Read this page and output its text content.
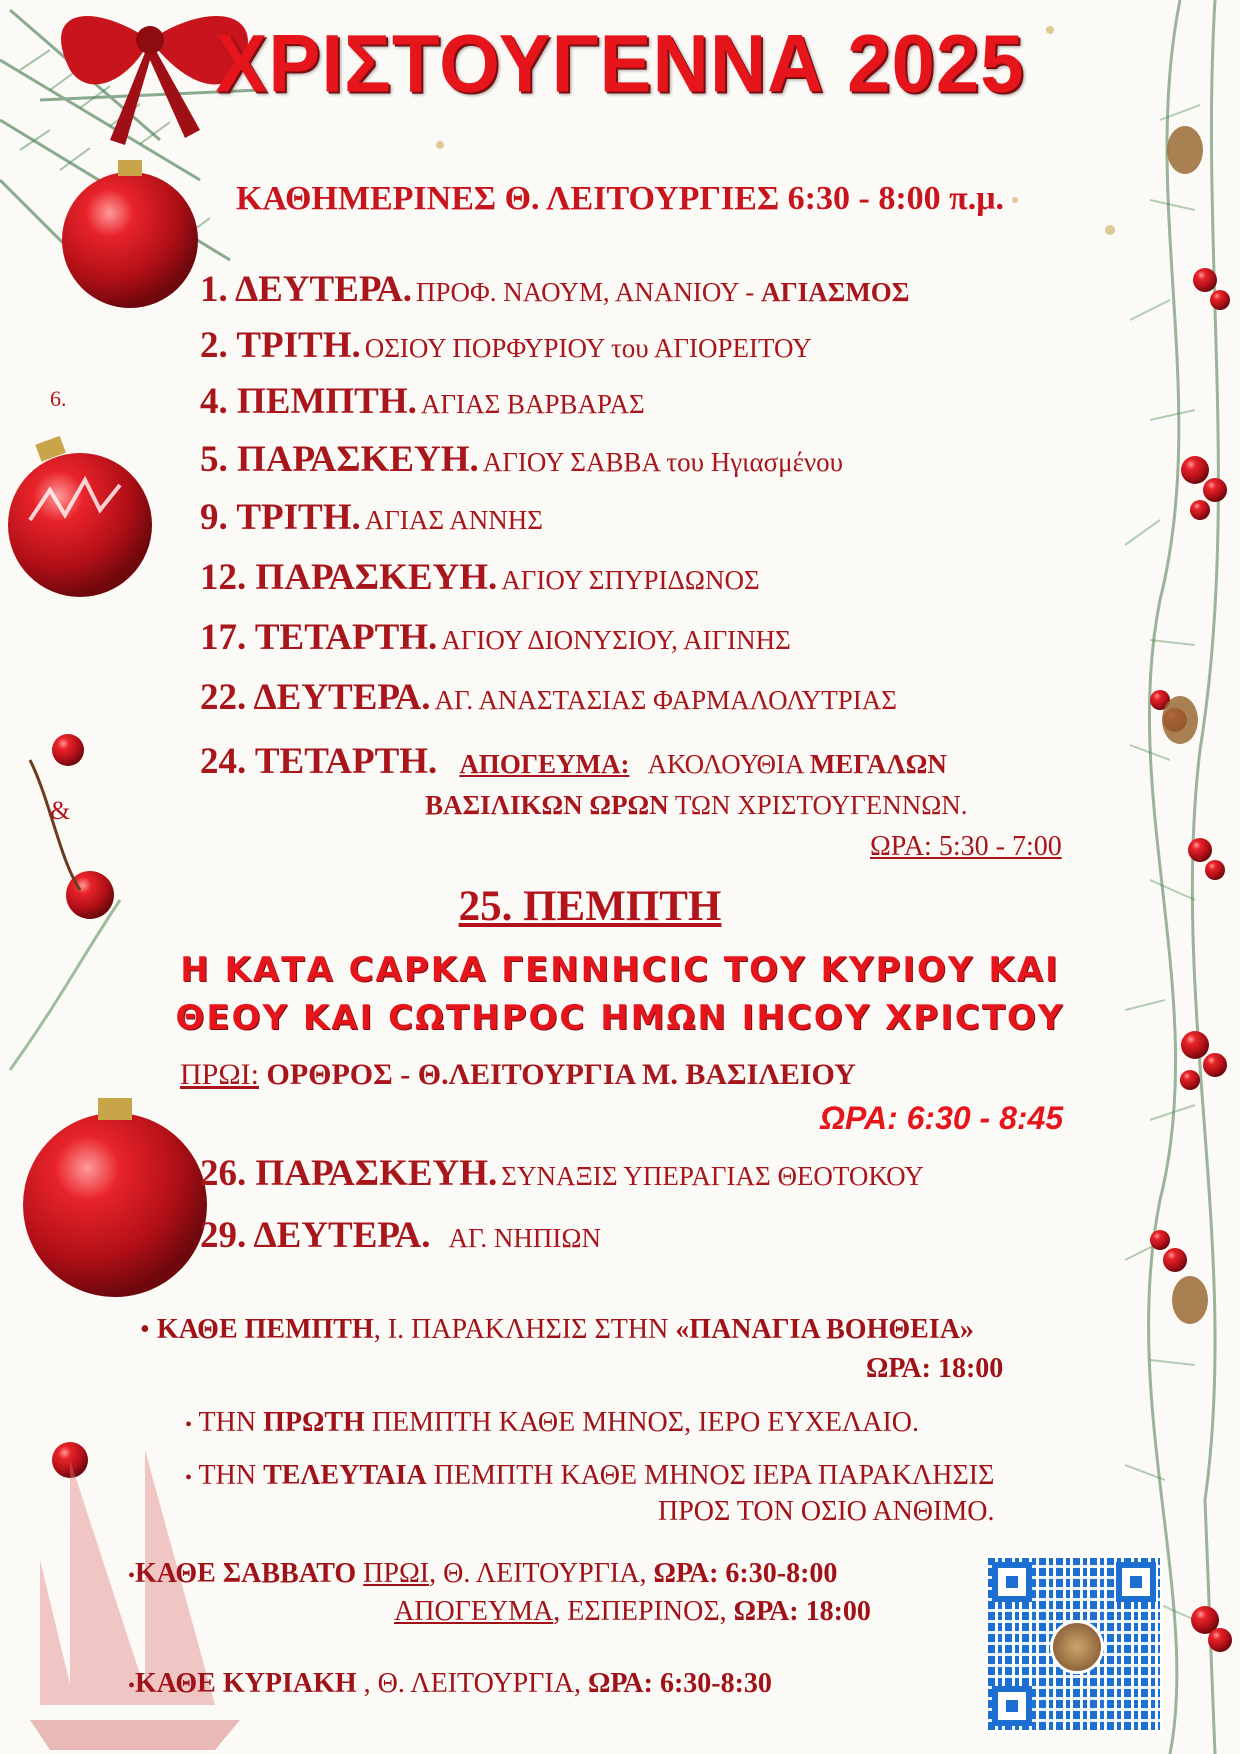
ΧΡΙΣΤΟΥΓΕΝΝΑ 2025
ΚΑΘΗΜΕΡΙΝΕΣ Θ. ΛΕΙΤΟΥΡΓΙΕΣ 6:30 - 8:00 π.μ.
6.
&
1. ΔΕΥΤΕΡΑ. ΠΡΟΦ. ΝΑΟΥΜ, ΑΝΑΝΙΟΥ - ΑΓΙΑΣΜΟΣ
2. ΤΡΙΤΗ. ΟΣΙΟΥ ΠΟΡΦΥΡΙΟΥ του ΑΓΙΟΡΕΙΤΟΥ
4. ΠΕΜΠΤΗ. ΑΓΙΑΣ ΒΑΡΒΑΡΑΣ
5. ΠΑΡΑΣΚΕΥΗ. ΑΓΙΟΥ ΣΑΒΒΑ του Ηγιασμένου
9. ΤΡΙΤΗ. ΑΓΙΑΣ ΑΝΝΗΣ
12. ΠΑΡΑΣΚΕΥΗ. ΑΓΙΟΥ ΣΠΥΡΙΔΩΝΟΣ
17. ΤΕΤΑΡΤΗ. ΑΓΙΟΥ ΔΙΟΝΥΣΙΟΥ, ΑΙΓΙΝΗΣ
22. ΔΕΥΤΕΡΑ. ΑΓ. ΑΝΑΣΤΑΣΙΑΣ ΦΑΡΜΑΛΟΛΥΤΡΙΑΣ
24. ΤΕΤΑΡΤΗ. ΑΠΟΓΕΥΜΑ: ΑΚΟΛΟΥΘΙΑ ΜΕΓΑΛΩΝ
ΒΑΣΙΛΙΚΩΝ ΩΡΩΝ ΤΩΝ ΧΡΙΣΤΟΥΓΕΝΝΩΝ.
ΩΡΑ: 5:30 - 7:00
25. ΠΕΜΠΤΗ
Η ΚΑΤΑ CΑΡΚΑ ΓΕΝΝΗCΙC ΤΟΥ ΚΥΡΙΟΥ ΚΑΙ
ΘΕΟΥ ΚΑΙ CΩΤΗΡΟC ΗΜΩΝ ΙΗCΟΥ ΧΡΙCΤΟΥ
ΠΡΩΙ: ΟΡΘΡΟΣ - Θ.ΛΕΙΤΟΥΡΓΙΑ Μ. ΒΑΣΙΛΕΙΟΥ
ΩΡΑ: 6:30 - 8:45
26. ΠΑΡΑΣΚΕΥΗ. ΣΥΝΑΞΙΣ ΥΠΕΡΑΓΙΑΣ ΘΕΟΤΟΚΟΥ
29. ΔΕΥΤΕΡΑ. ΑΓ. ΝΗΠΙΩΝ
• ΚΑΘΕ ΠΕΜΠΤΗ, Ι. ΠΑΡΑΚΛΗΣΙΣ ΣΤΗΝ «ΠΑΝΑΓΙΑ ΒΟΗΘΕΙΑ»
ΩΡΑ: 18:00
• ΤΗΝ ΠΡΩΤΗ ΠΕΜΠΤΗ ΚΑΘΕ ΜΗΝΟΣ, ΙΕΡΟ ΕΥΧΕΛΑΙΟ.
• ΤΗΝ ΤΕΛΕΥΤΑΙΑ ΠΕΜΠΤΗ ΚΑΘΕ ΜΗΝΟΣ ΙΕΡΑ ΠΑΡΑΚΛΗΣΙΣ
ΠΡΟΣ ΤΟΝ ΟΣΙΟ ΑΝΘΙΜΟ.
•ΚΑΘΕ ΣΑΒΒΑΤΟ ΠΡΩΙ, Θ. ΛΕΙΤΟΥΡΓΙΑ, ΩΡΑ: 6:30-8:00
ΑΠΟΓΕΥΜΑ, ΕΣΠΕΡΙΝΟΣ, ΩΡΑ: 18:00
•ΚΑΘΕ ΚΥΡΙΑΚΗ , Θ. ΛΕΙΤΟΥΡΓΙΑ, ΩΡΑ: 6:30-8:30
